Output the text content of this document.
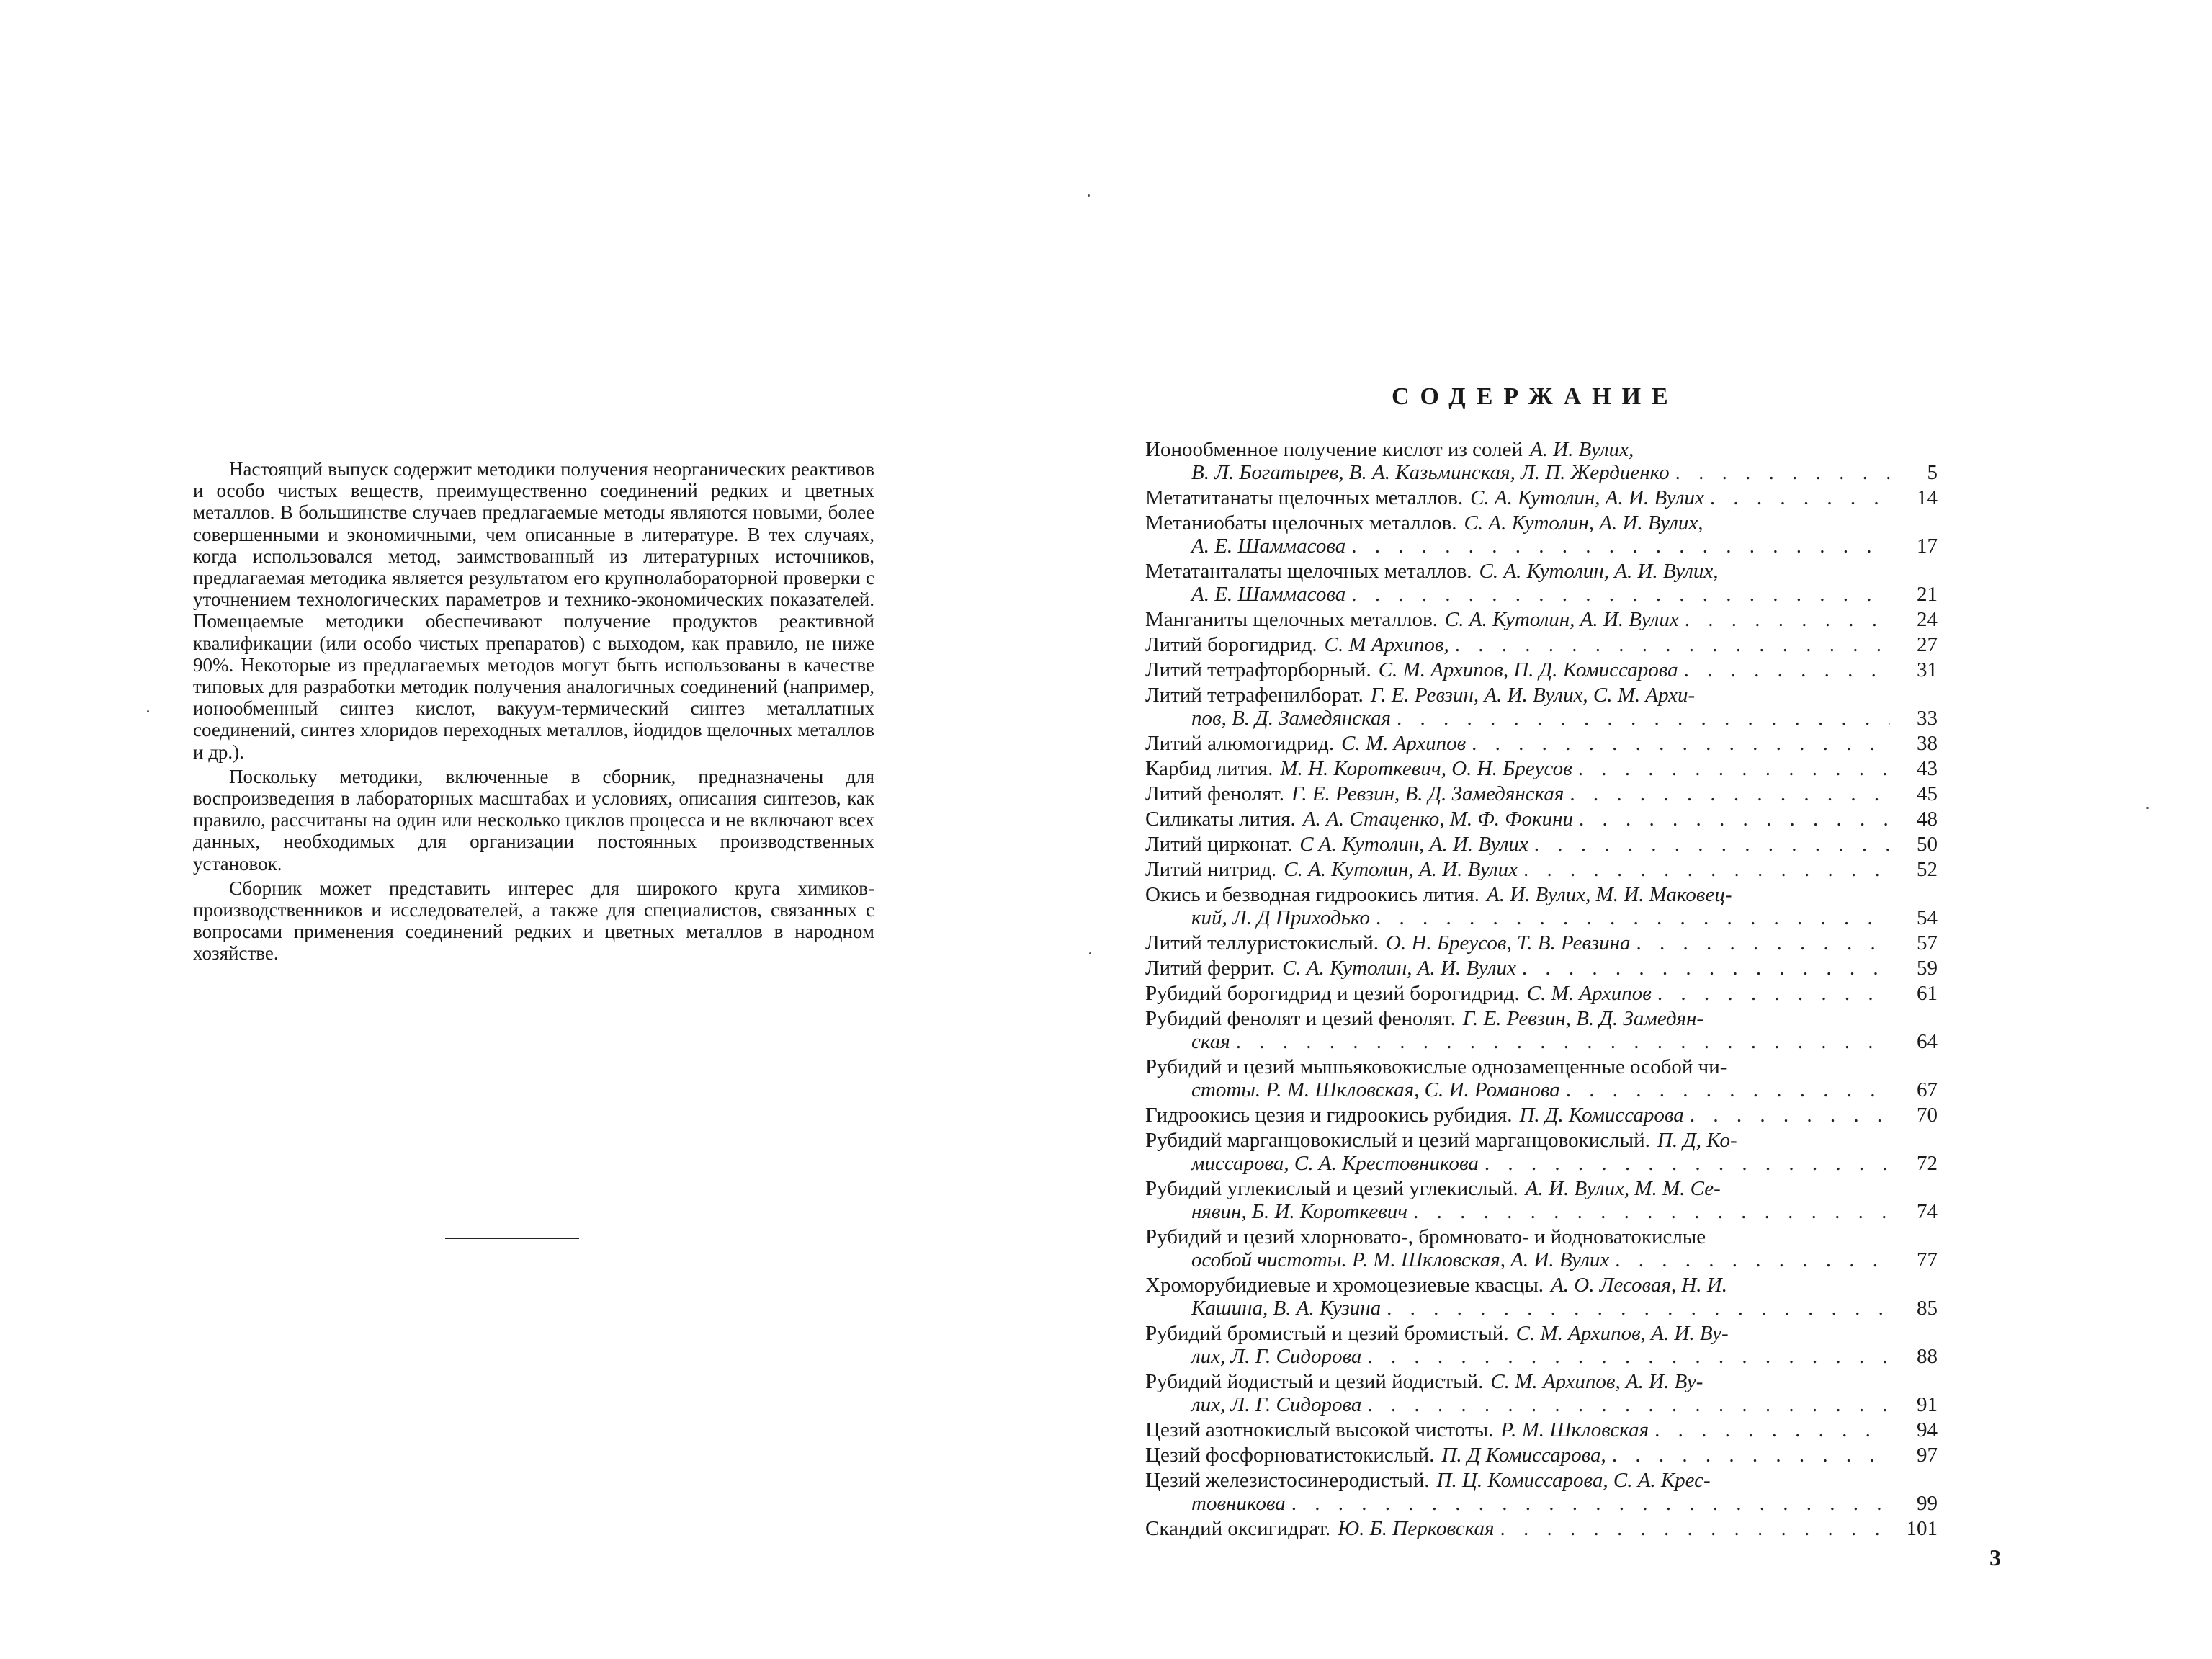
Настоящий выпуск содержит методики получения неорганических реактивов и особо чистых веществ, преимущественно соединений редких и цветных металлов. В большинстве случаев предлагаемые методы являются новыми, более совершенными и экономичными, чем описанные в литературе. В тех случаях, когда использовался метод, заимствованный из литературных источников, предлагаемая методика является результатом его крупнолабораторной проверки с уточнением технологических параметров и технико-экономических показателей. Помещаемые методики обеспечивают получение продуктов реактивной квалификации (или особо чистых препаратов) с выходом, как правило, не ниже 90%. Некоторые из предлагаемых методов могут быть использованы в качестве типовых для разработки методик получения аналогичных соединений (например, ионообменный синтез кислот, вакуум-термический синтез металлатных соединений, синтез хлоридов переходных металлов, йодидов щелочных металлов и др.).

Поскольку методики, включенные в сборник, предназначены для воспроизведения в лабораторных масштабах и условиях, описания синтезов, как правило, рассчитаны на один или несколько циклов процесса и не включают всех данных, необходимых для организации постоянных производственных установок.

Сборник может представить интерес для широкого круга химиков-производственников и исследователей, а также для специалистов, связанных с вопросами применения соединений редких и цветных металлов в народном хозяйстве.

СОДЕРЖАНИЕ
Ионообменное получение кислот из солей А. И. Вулих,
В. Л. Богатырев, В. А. Казьминская, Л. П. Жердиенко . . .	5
Метатитанаты щелочных металлов. С. А. Кутолин, А. И. Вулих . . .	14
Метаниобаты щелочных металлов. С. А. Кутолин, А. И. Вулих,
А. Е. Шаммасова . . .	17
Метатанталаты щелочных металлов. С. А. Кутолин, А. И. Вулих,
А. Е. Шаммасова . . .	21
Манганиты щелочных металлов. С. А. Кутолин, А. И. Вулих . . .	24
Литий борогидрид. С. М Архипов, . . .	27
Литий тетрафторборный. С. М. Архипов, П. Д. Комиссарова . . .	31
Литий тетрафенилборат. Г. Е. Ревзин, А. И. Вулих, С. М. Архи-
пов, В. Д. Замедянская . . .	33
Литий алюмогидрид. С. М. Архипов . . .	38
Карбид лития. М. Н. Короткевич, О. Н. Бреусов . . .	43
Литий фенолят. Г. Е. Ревзин, В. Д. Замедянская . . .	45
Силикаты лития. А. А. Стаценко, М. Ф. Фокини . . .	48
Литий цирконат. С А. Кутолин, А. И. Вулих . . .	50
Литий нитрид. С. А. Кутолин, А. И. Вулих . . .	52
Окись и безводная гидроокись лития. А. И. Вулих, М. И. Маковец-
кий, Л. Д Приходько . . .	54
Литий теллуристокислый. О. Н. Бреусов, Т. В. Ревзина . . .	57
Литий феррит. С. А. Кутолин, А. И. Вулих . . .	59
Рубидий борогидрид и цезий борогидрид. С. М. Архипов . . .	61
Рубидий фенолят и цезий фенолят. Г. Е. Ревзин, В. Д. Замедян-
ская . . .	64
Рубидий и цезий мышьяковокислые однозамещенные особой чи-
стоты. Р. М. Шкловская, С. И. Романова . . .	67
Гидроокись цезия и гидроокись рубидия. П. Д. Комиссарова . . .	70
Рубидий марганцовокислый и цезий марганцовокислый. П. Д, Ко-
миссарова, С. А. Крестовникова . . .	72
Рубидий углекислый и цезий углекислый. А. И. Вулих, М. М. Се-
нявин, Б. И. Короткевич . . .	74
Рубидий и цезий хлорновато-, бромновато- и йодноватокислые
особой чистоты. Р. М. Шкловская, А. И. Вулих . . .	77
Хроморубидиевые и хромоцезиевые квасцы. А. О. Лесовая, Н. И.
Кашина, В. А. Кузина . . .	85
Рубидий бромистый и цезий бромистый. С. М. Архипов, А. И. Ву-
лих, Л. Г. Сидорова . . .	88
Рубидий йодистый и цезий йодистый. С. М. Архипов, А. И. Ву-
лих, Л. Г. Сидорова . . .	91
Цезий азотнокислый высокой чистоты. Р. М. Шкловская . . .	94
Цезий фосфорноватистокислый. П. Д Комиссарова, . . .	97
Цезий железистосинеродистый. П. Ц. Комиссарова, С. А. Крес-
товникова . . .	99
Скандий оксигидрат. Ю. Б. Перковская . . .	101
3
